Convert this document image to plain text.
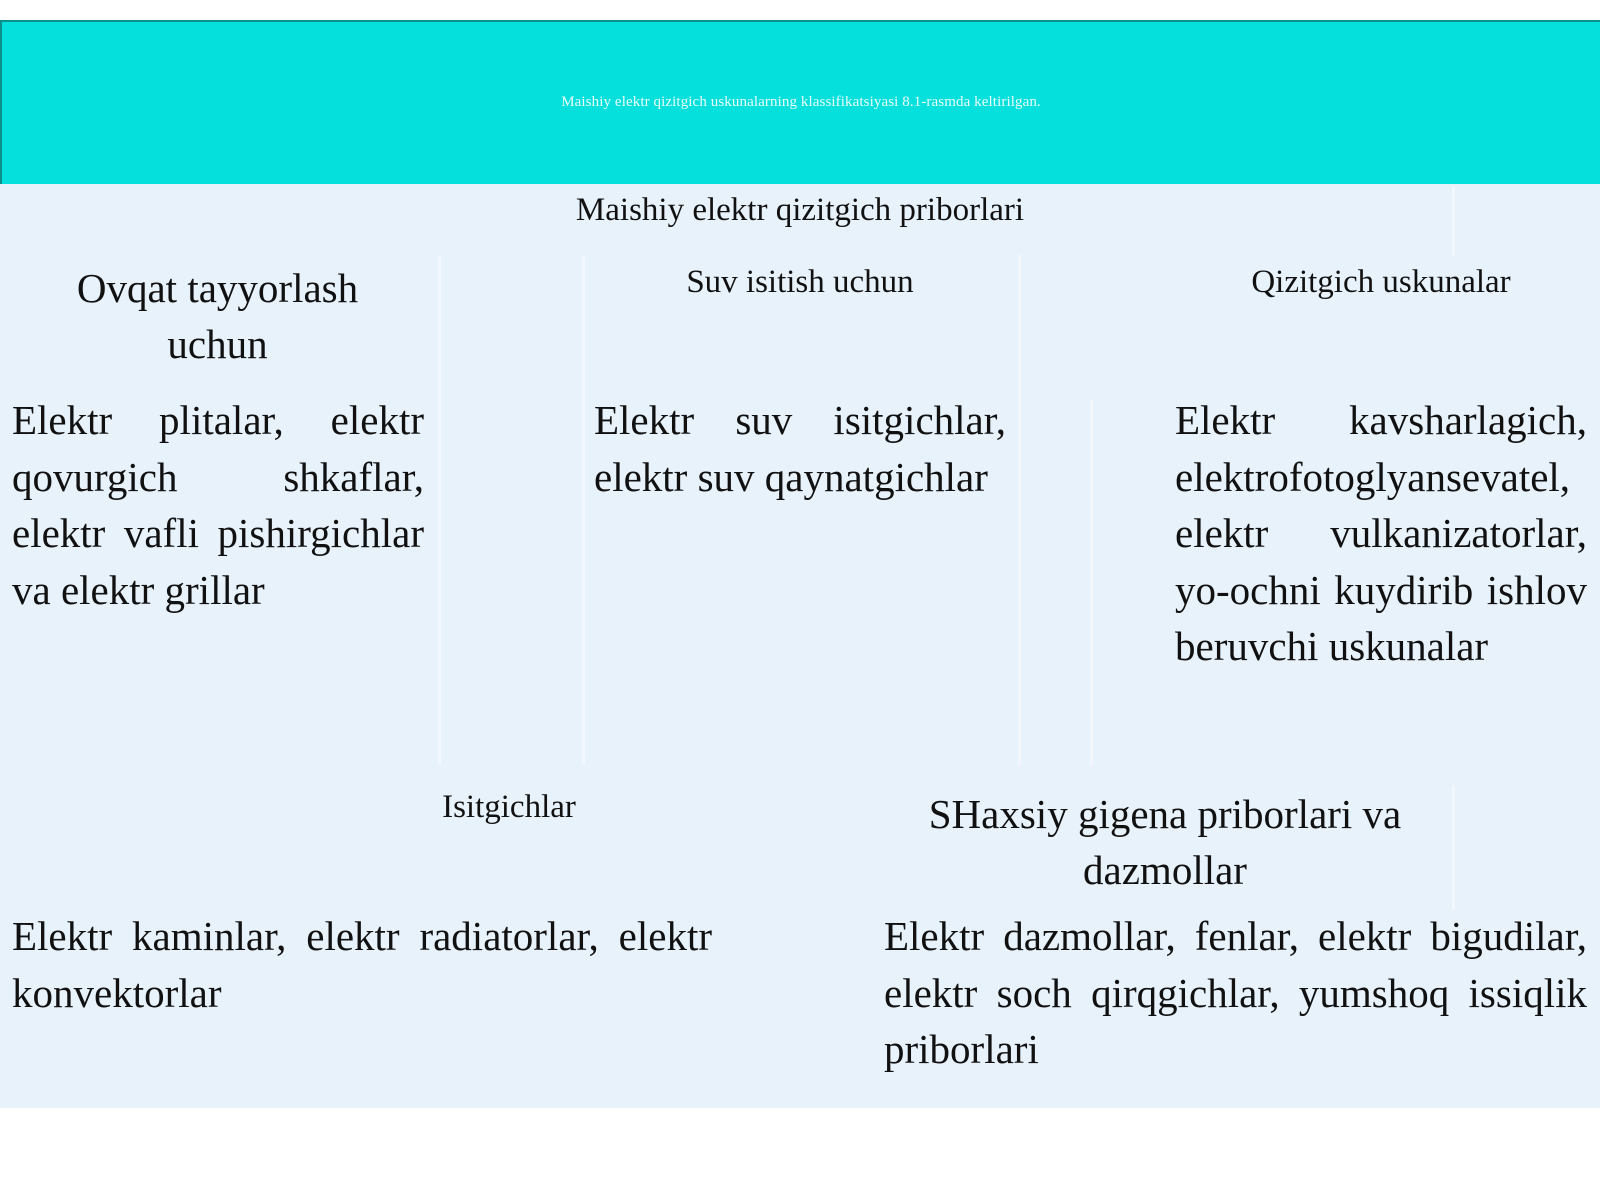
Maishiy elektr qizitgich uskunalarning klassifikatsiyasi 8.1-rasmda keltirilgan.
Maishiy elektr qizitgich priborlari
Ovqat tayyorlash uchun
Elektr plitalar, elektr qovurgich shkaflar, elektr vafli pishirgichlar va elektr grillar
Suv isitish uchun
Elektr suv isitgichlar, elektr suv qaynatgichlar
Qizitgich uskunalar
Elektr kavsharlagich, elektrofotoglyansevatel, elektr vulkanizatorlar, yo-ochni kuydirib ishlov beruvchi uskunalar
Isitgichlar
Elektr kaminlar, elektr radiatorlar, elektr konvektorlar
SHaxsiy gigena priborlari va dazmollar
Elektr dazmollar, fenlar, elektr bigudilar, elektr soch qirqgichlar, yumshoq issiqlik priborlari
